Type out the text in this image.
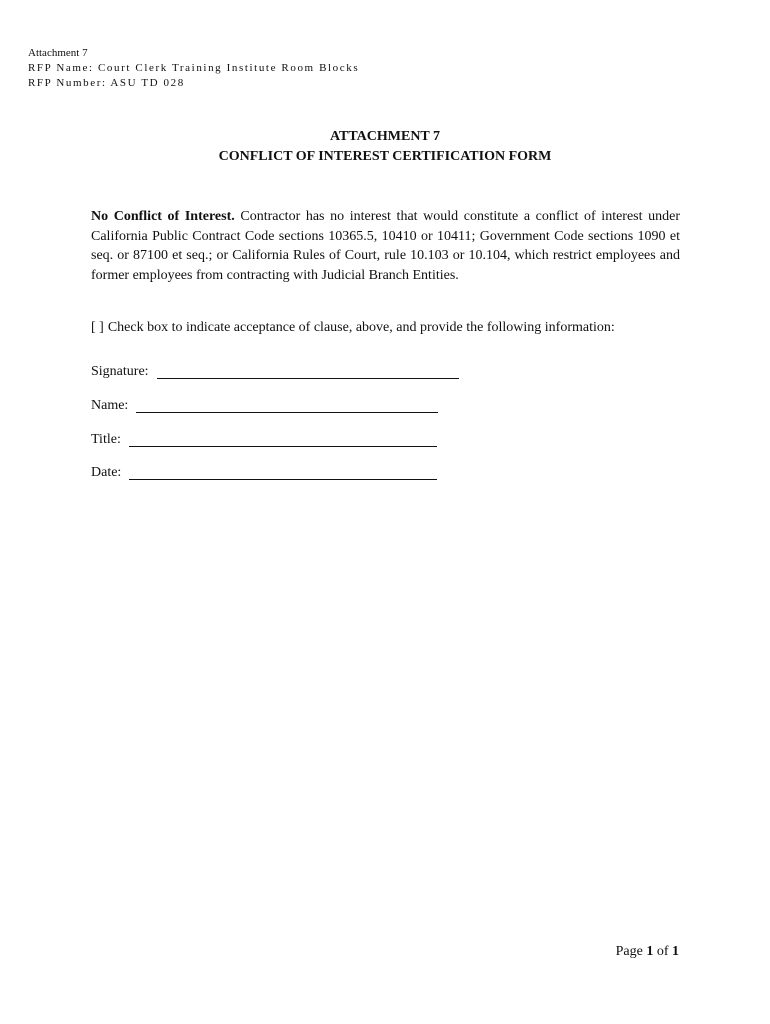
Attachment 7
RFP Name: Court Clerk Training Institute Room Blocks
RFP Number: ASU TD 028
ATTACHMENT 7
CONFLICT OF INTEREST CERTIFICATION FORM
No Conflict of Interest. Contractor has no interest that would constitute a conflict of interest under California Public Contract Code sections 10365.5, 10410 or 10411; Government Code sections 1090 et seq. or 87100 et seq.; or California Rules of Court, rule 10.103 or 10.104, which restrict employees and former employees from contracting with Judicial Branch Entities.
[ ] Check box to indicate acceptance of clause, above, and provide the following information:
Signature:
Name:
Title:
Date:
Page 1 of 1
